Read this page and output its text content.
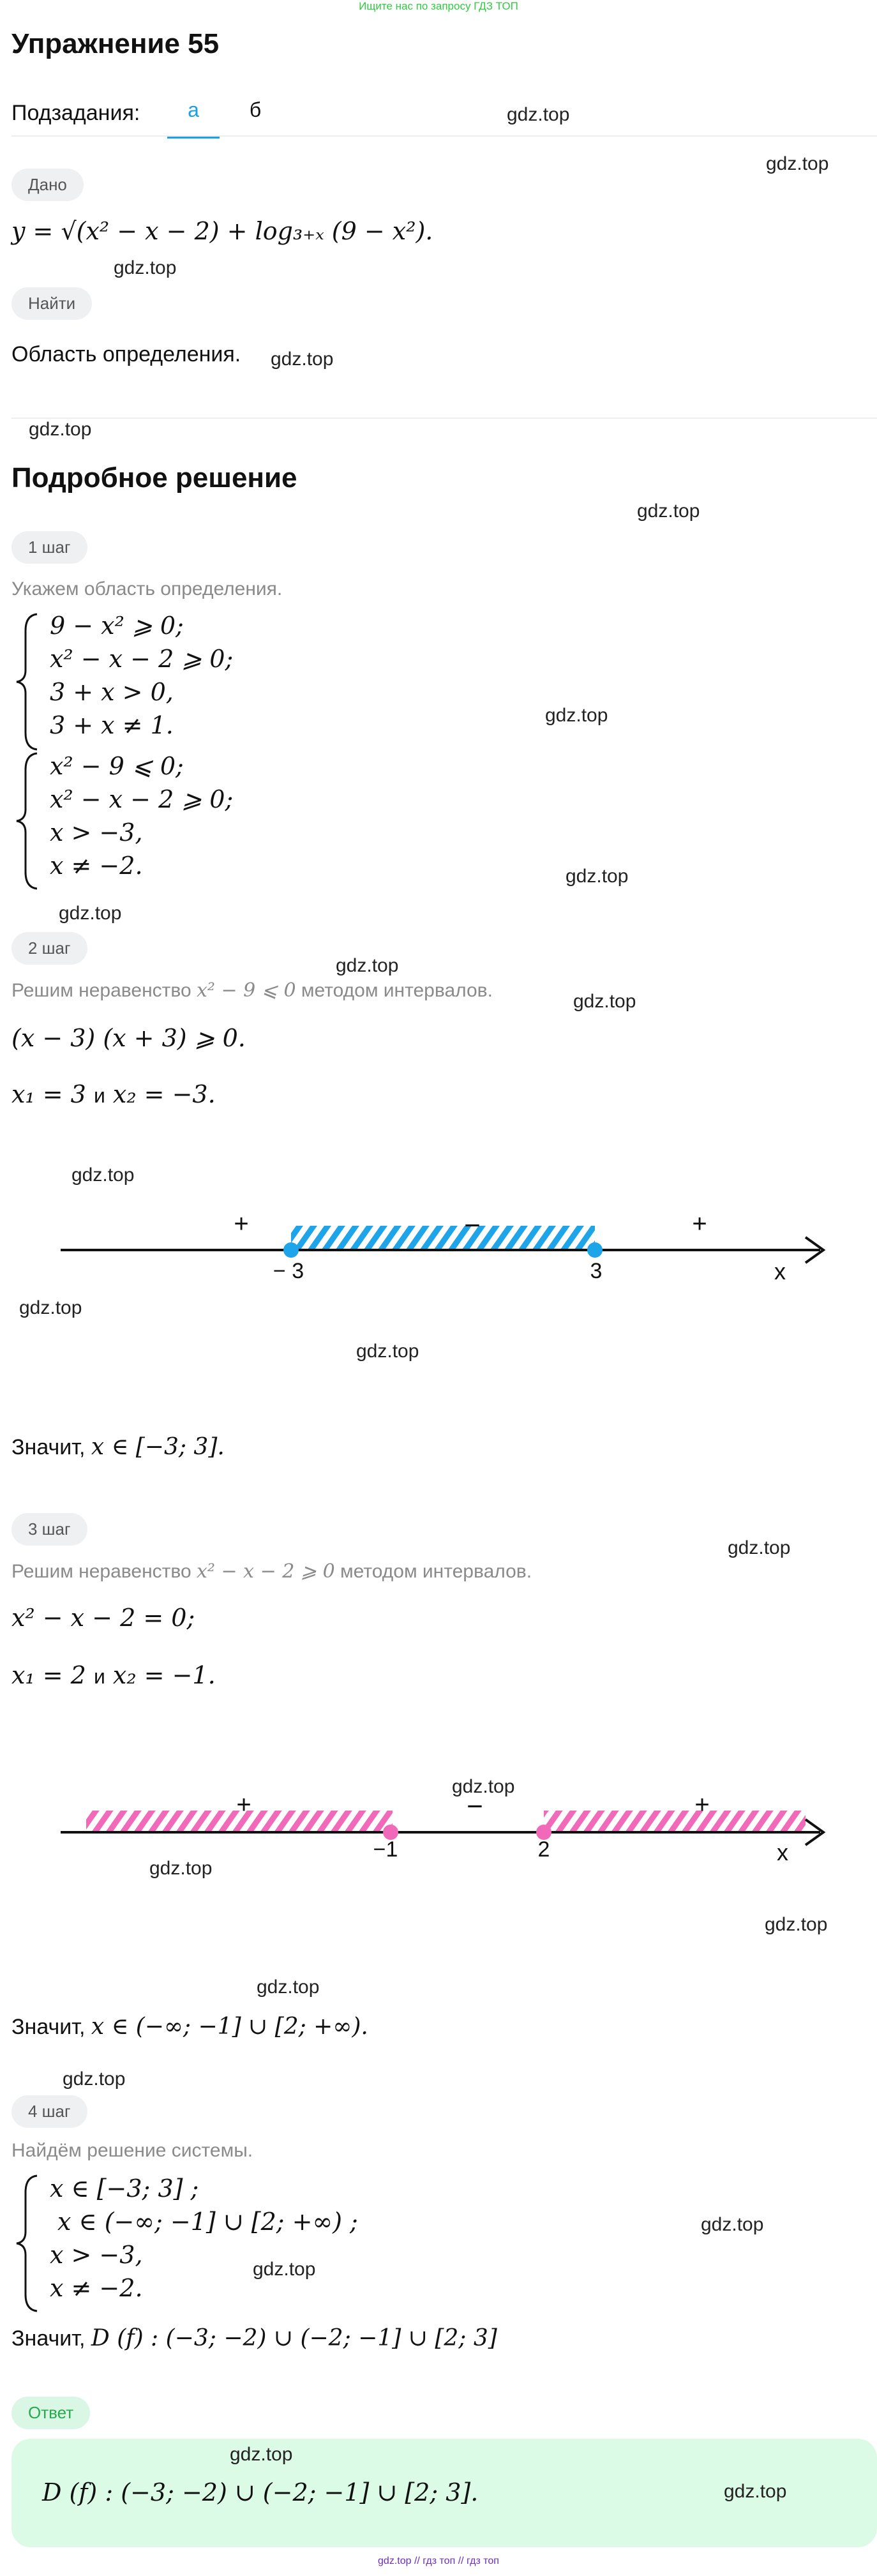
Ищите нас по запросу ГДЗ ТОП
Упражнение 55
Подзадания:	а	б	gdz.top
gdz.top
Дано
y = √(x² − x − 2) + log₃₊ₓ (9 − x²).
gdz.top
Найти
Область определения. gdz.top
gdz.top
Подробное решение
gdz.top
1 шаг
Укажем область определения.
9 − x² ⩾ 0;
x² − x − 2 ⩾ 0;
3 + x > 0,
3 + x ≠ 1.	gdz.top
x² − 9 ⩽ 0;
x² − x − 2 ⩾ 0;
x > −3,
x ≠ −2.	gdz.top
gdz.top
2 шаг
gdz.top
Решим неравенство x² − 9 ⩽ 0 методом интервалов.
gdz.top
(x − 3) (x + 3) ⩾ 0.
x₁ = 3 и x₂ = −3.
gdz.top
+	−	+
− 3	3	x
gdz.top
gdz.top
Значит, x ∈ [−3; 3].
3 шаг
gdz.top
Решим неравенство x² − x − 2 ⩾ 0 методом интервалов.
x² − x − 2 = 0;
x₁ = 2 и x₂ = −1.
+	−	+
−1	2	x
gdz.top
gdz.top
gdz.top
gdz.top
Значит, x ∈ (−∞; −1] ∪ [2; +∞).
gdz.top
4 шаг
Найдём решение системы.
x ∈ [−3; 3] ;
x ∈ (−∞; −1] ∪ [2; +∞) ;
x > −3,
x ≠ −2.
gdz.top
gdz.top
Значит, D (f) : (−3; −2) ∪ (−2; −1] ∪ [2; 3]
Ответ
gdz.top
D (f) : (−3; −2) ∪ (−2; −1] ∪ [2; 3].	gdz.top
gdz.top // гдз топ // гдз топ
